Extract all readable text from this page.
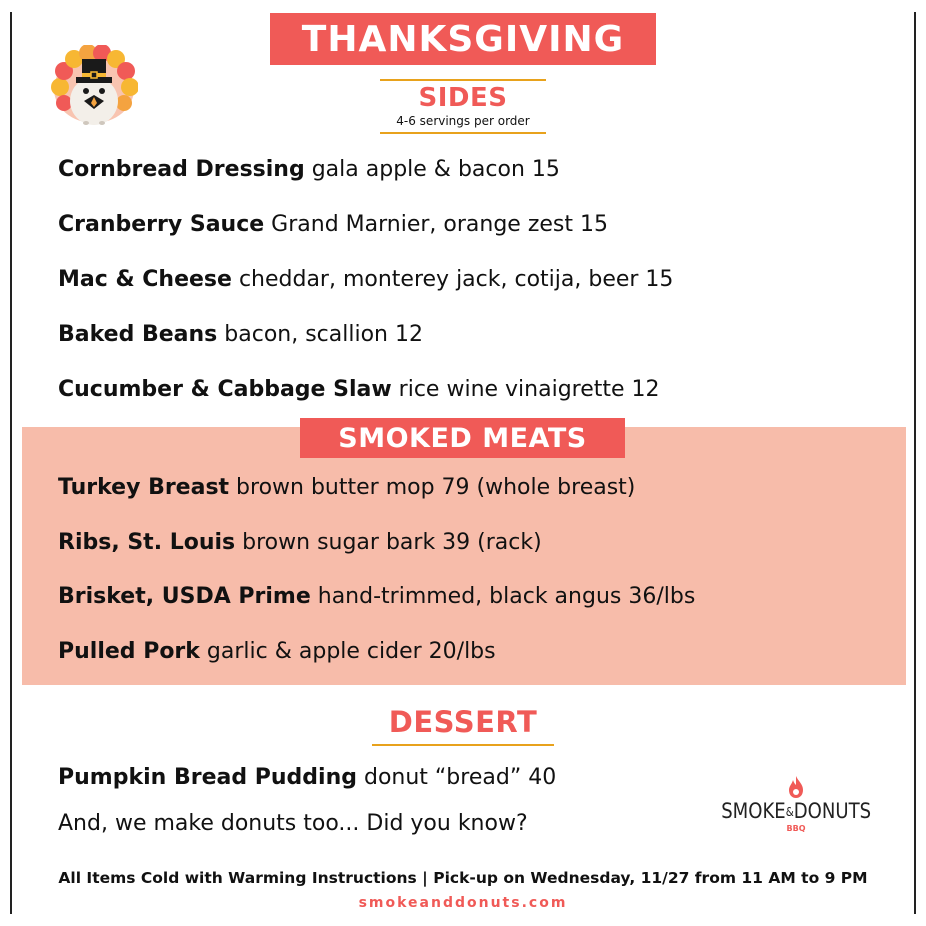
THANKSGIVING
SIDES
4-6 servings per order
Cornbread Dressing gala apple & bacon 15
Cranberry Sauce Grand Marnier, orange zest 15
Mac & Cheese cheddar, monterey jack, cotija, beer 15
Baked Beans bacon, scallion 12
Cucumber & Cabbage Slaw rice wine vinaigrette 12
SMOKED MEATS
Turkey Breast brown butter mop 79 (whole breast)
Ribs, St. Louis brown sugar bark 39 (rack)
Brisket, USDA Prime hand-trimmed, black angus 36/lbs
Pulled Pork garlic & apple cider 20/lbs
DESSERT
Pumpkin Bread Pudding donut “bread” 40
And, we make donuts too... Did you know?	SMOKE&DONUTS
BBQ
All Items Cold with Warming Instructions | Pick-up on Wednesday, 11/27 from 11 AM to 9 PM
smokeanddonuts.com
